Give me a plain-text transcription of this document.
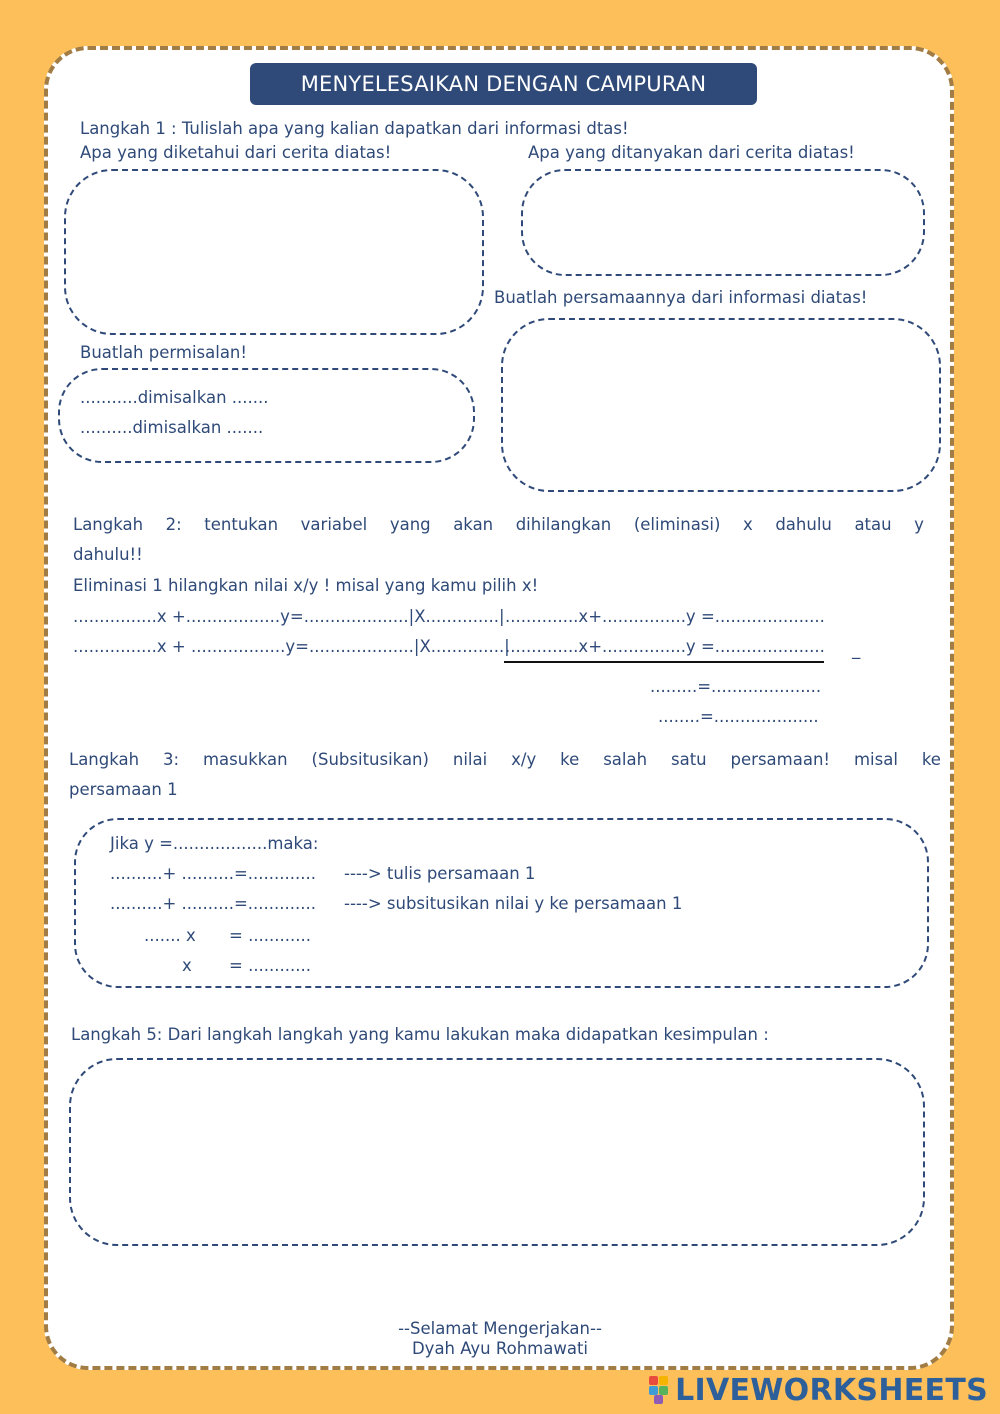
MENYELESAIKAN DENGAN CAMPURAN
Langkah 1 : Tulislah apa yang kalian dapatkan dari informasi dtas!
Apa yang diketahui dari cerita diatas!	Apa yang ditanyakan dari cerita diatas!
Buatlah persamaannya dari informasi diatas!
Buatlah permisalan!
...........dimisalkan .......
..........dimisalkan .......
Langkah 2: tentukan variabel yang akan dihilangkan (eliminasi) x dahulu atau y
dahulu!!
Eliminasi 1 hilangkan nilai x/y ! misal yang kamu pilih x!
................x +..................y=....................|X..............| ..............x+................y =.....................
................x + ..................y=....................|X..............|
..............x+................y =..................... _
.........=.....................
........=....................
Langkah 3: masukkan (Subsitusikan) nilai x/y ke salah satu persamaan! misal ke
persamaan 1
Jika y =..................maka:
..........+ ..........=............. ----> tulis persamaan 1
..........+ ..........=............. ----> subsitusikan nilai y ke persamaan 1
....... x = ............
x = ............
Langkah 5: Dari langkah langkah yang kamu lakukan maka didapatkan kesimpulan :
--Selamat Mengerjakan--
Dyah Ayu Rohmawati
LIVEWORKSHEETS
